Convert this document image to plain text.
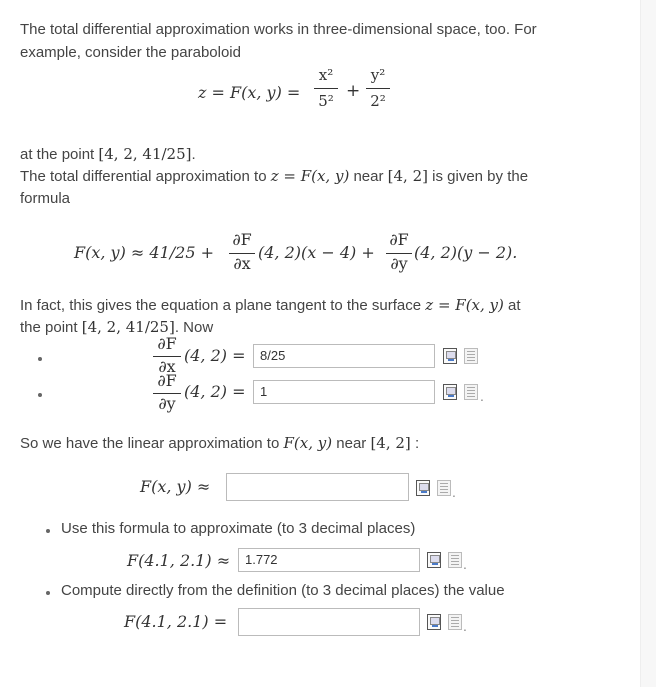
The total differential approximation works in three-dimensional space, too. For
example, consider the paraboloid
z = F(x, y) =
x²
5² +
y²
2²
at the point [4, 2, 41/25].
The total differential approximation to z = F(x, y) near [4, 2] is given by the
formula
F(x, y) ≈ 41/25 +
∂F
∂x
(4, 2)(x − 4) +
∂F
∂y
(4, 2)(y − 2).
In fact, this gives the equation a plane tangent to the surface z = F(x, y) at
the point [4, 2, 41/25]. Now
∂F
∂x
(4, 2) =	8/25
∂F
∂y
(4, 2) =	1	.
So we have the linear approximation to F(x, y) near [4, 2] :
F(x, y) ≈	.
Use this formula to approximate (to 3 decimal places)
F(4.1, 2.1) ≈	1.772	.
Compute directly from the definition (to 3 decimal places) the value
F(4.1, 2.1) =	.
